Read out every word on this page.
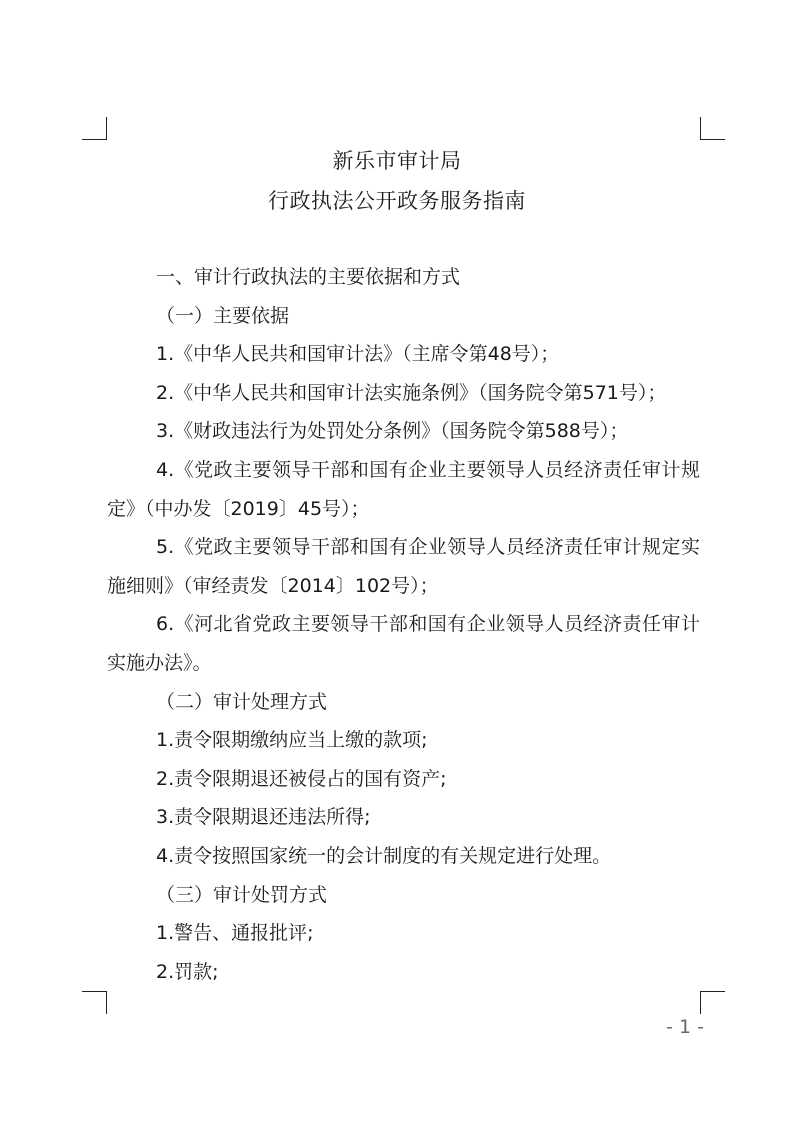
新乐市审计局
行政执法公开政务服务指南

一、审计行政执法的主要依据和方式

（一）主要依据

1.《中华人民共和国审计法》（主席令第48号）；

2.《中华人民共和国审计法实施条例》（国务院令第571号）；

3.《财政违法行为处罚处分条例》（国务院令第588号）；

4.《党政主要领导干部和国有企业主要领导人员经济责任审计规定》（中办发〔2019〕45号）；

5.《党政主要领导干部和国有企业领导人员经济责任审计规定实施细则》（审经责发〔2014〕102号）；

6.《河北省党政主要领导干部和国有企业领导人员经济责任审计实施办法》。

（二）审计处理方式

1.责令限期缴纳应当上缴的款项;

2.责令限期退还被侵占的国有资产;

3.责令限期退还违法所得;

4.责令按照国家统一的会计制度的有关规定进行处理。

（三）审计处罚方式

1.警告、通报批评;

2.罚款;

- 1 -
